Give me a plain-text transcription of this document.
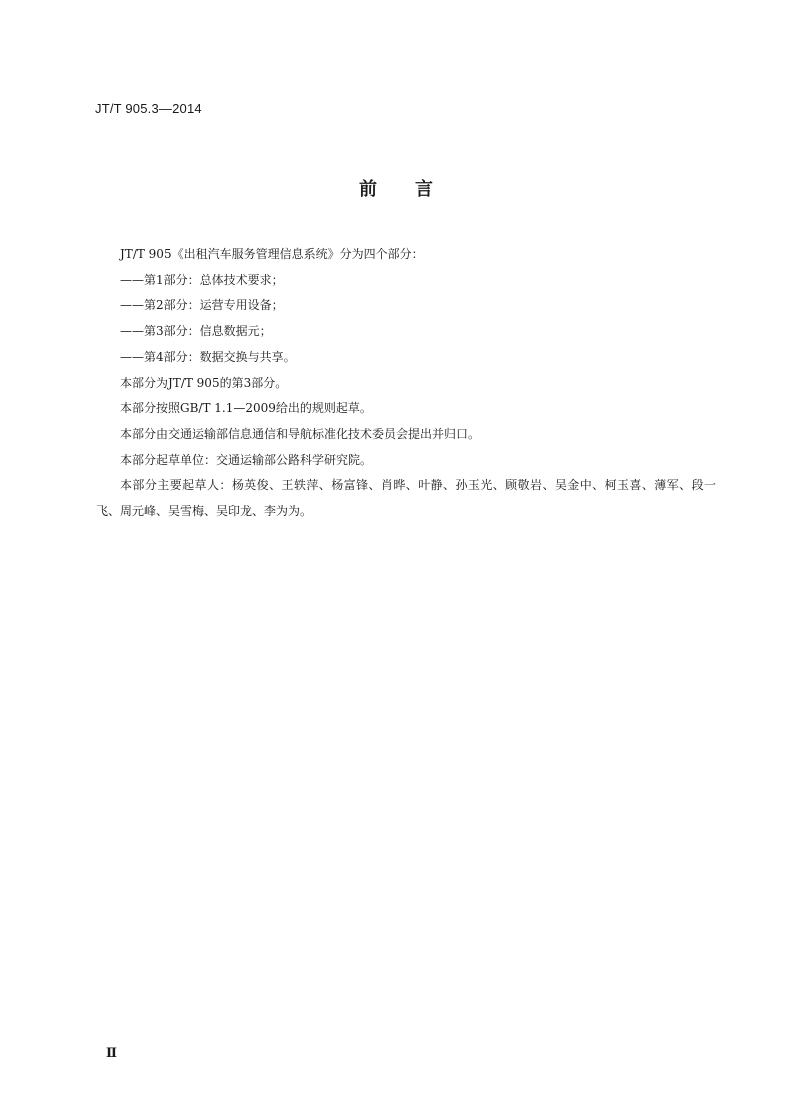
JT/T 905.3—2014
前言

JT/T 905《出租汽车服务管理信息系统》分为四个部分：

——第1部分：总体技术要求；

——第2部分：运营专用设备；

——第3部分：信息数据元；

——第4部分：数据交换与共享。

本部分为JT/T 905的第3部分。

本部分按照GB/T 1.1—2009给出的规则起草。

本部分由交通运输部信息通信和导航标准化技术委员会提出并归口。

本部分起草单位：交通运输部公路科学研究院。

本部分主要起草人：杨英俊、王轶萍、杨富锋、肖晔、叶静、孙玉光、顾敬岩、吴金中、柯玉喜、薄军、段一飞、周元峰、吴雪梅、吴印龙、李为为。

Ⅱ
